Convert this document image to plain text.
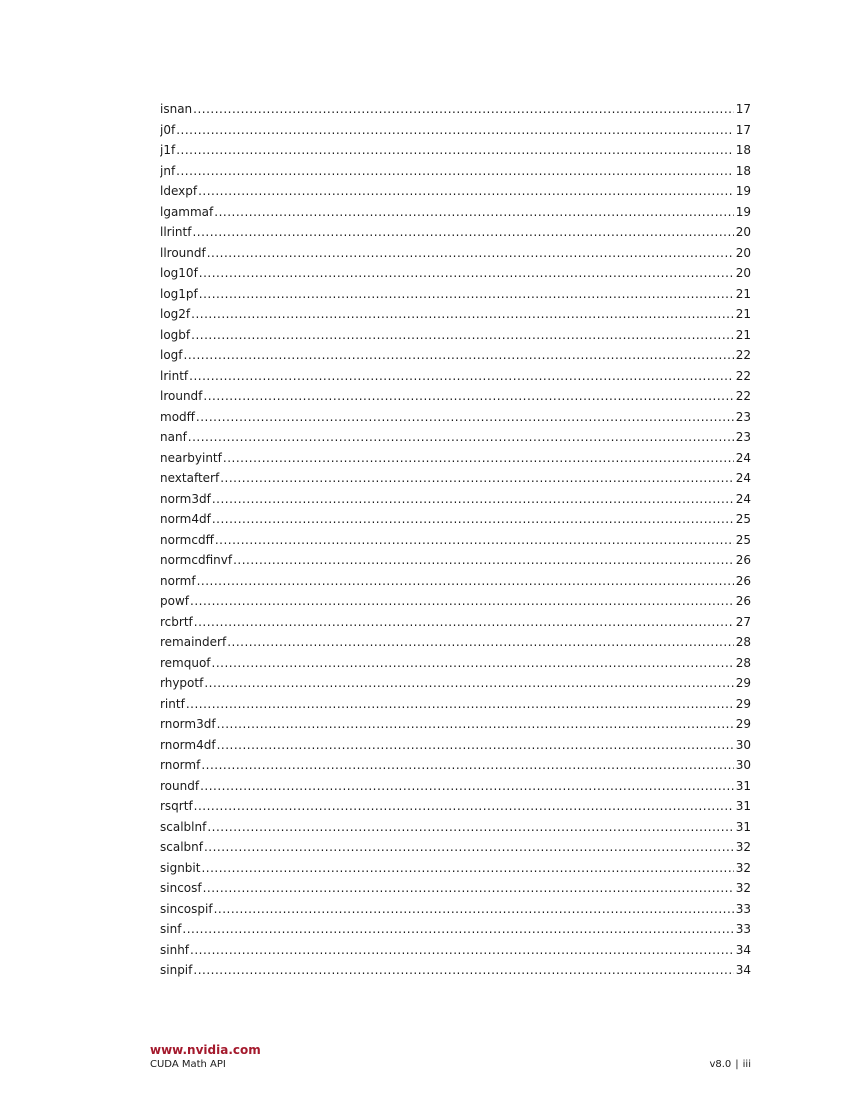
isnan .....	17
j0f .....	17
j1f .....	18
jnf .....	18
ldexpf .....	19
lgammaf .....	19
llrintf .....	20
llroundf .....	20
log10f .....	20
log1pf .....	21
log2f .....	21
logbf .....	21
logf .....	22
lrintf .....	22
lroundf .....	22
modff .....	23
nanf .....	23
nearbyintf .....	24
nextafterf .....	24
norm3df .....	24
norm4df .....	25
normcdff .....	25
normcdfinvf .....	26
normf .....	26
powf .....	26
rcbrtf .....	27
remainderf .....	28
remquof .....	28
rhypotf .....	29
rintf .....	29
rnorm3df .....	29
rnorm4df .....	30
rnormf .....	30
roundf .....	31
rsqrtf .....	31
scalblnf .....	31
scalbnf .....	32
signbit .....	32
sincosf .....	32
sincospif .....	33
sinf .....	33
sinhf .....	34
sinpif .....	34
www.nvidia.com
CUDA Math API	v8.0 | iii
